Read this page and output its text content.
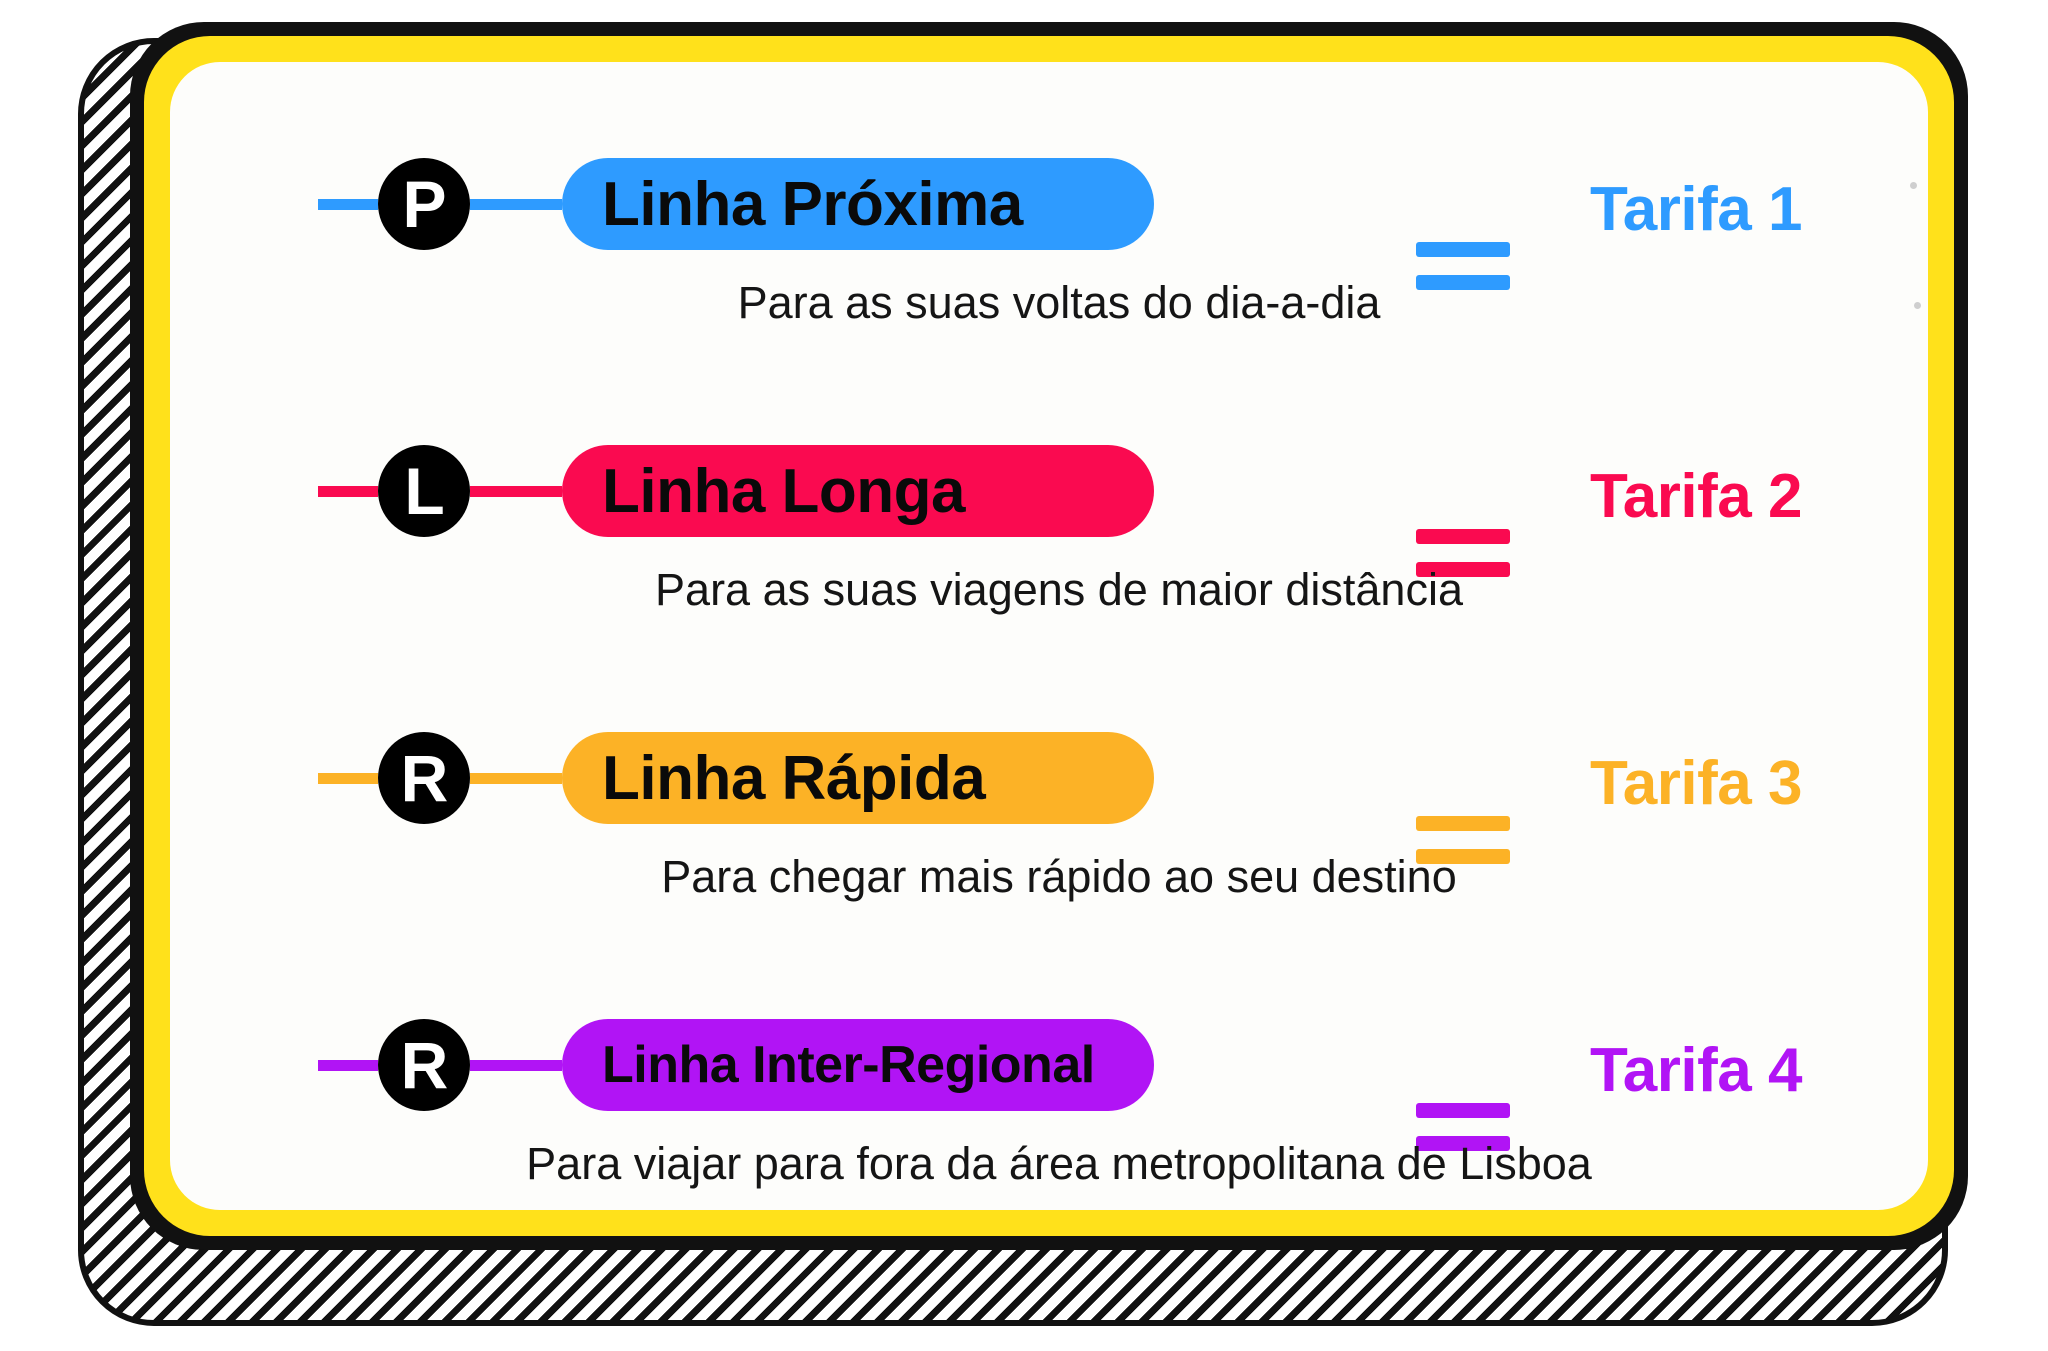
P	Linha Próxima	Tarifa 1
Para as suas voltas do dia-a-dia
L	Linha Longa	Tarifa 2
Para as suas viagens de maior distância
R	Linha Rápida	Tarifa 3
Para chegar mais rápido ao seu destino
R	Linha Inter-Regional	Tarifa 4
Para viajar para fora da área metropolitana de Lisboa
